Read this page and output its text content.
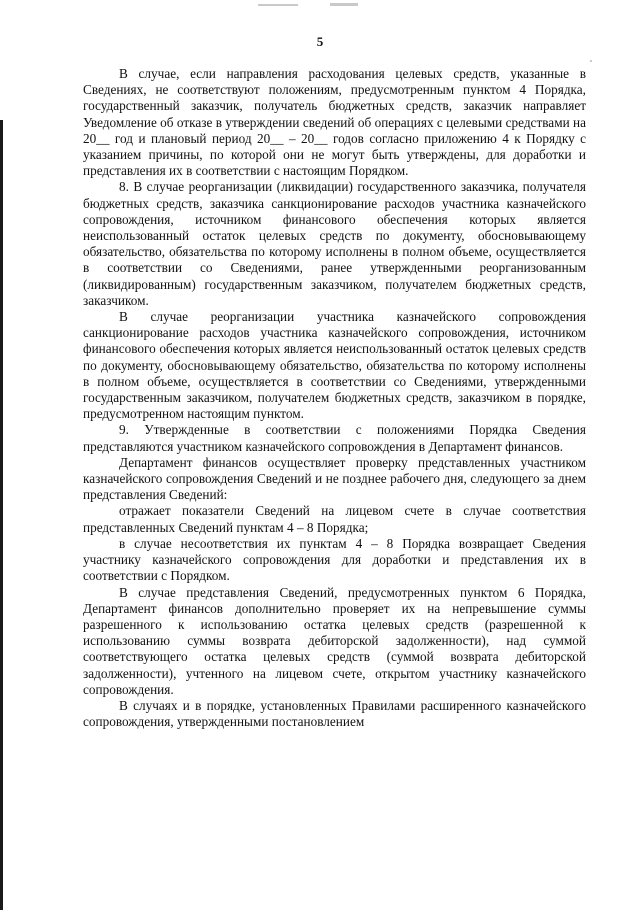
5

В случае, если направления расходования целевых средств, указанные в Сведениях, не соответствуют положениям, предусмотренным пунктом 4 Порядка, государственный заказчик, получатель бюджетных средств, заказчик направляет Уведомление об отказе в утверждении сведений об операциях с целевыми средствами на 20__ год и плановый период 20__ – 20__ годов согласно приложению 4 к Порядку с указанием причины, по которой они не могут быть утверждены, для доработки и представления их в соответствии с настоящим Порядком.

8. В случае реорганизации (ликвидации) государственного заказчика, получателя бюджетных средств, заказчика санкционирование расходов участника казначейского сопровождения, источником финансового обеспечения которых является неиспользованный остаток целевых средств по документу, обосновывающему обязательство, обязательства по которому исполнены в полном объеме, осуществляется в соответствии со Сведениями, ранее утвержденными реорганизованным (ликвидированным) государственным заказчиком, получателем бюджетных средств, заказчиком.

В случае реорганизации участника казначейского сопровождения санкционирование расходов участника казначейского сопровождения, источником финансового обеспечения которых является неиспользованный остаток целевых средств по документу, обосновывающему обязательство, обязательства по которому исполнены в полном объеме, осуществляется в соответствии со Сведениями, утвержденными государственным заказчиком, получателем бюджетных средств, заказчиком в порядке, предусмотренном настоящим пунктом.

9. Утвержденные в соответствии с положениями Порядка Сведения представляются участником казначейского сопровождения в Департамент финансов.

Департамент финансов осуществляет проверку представленных участником казначейского сопровождения Сведений и не позднее рабочего дня, следующего за днем представления Сведений:

отражает показатели Сведений на лицевом счете в случае соответствия представленных Сведений пунктам 4 – 8 Порядка;

в случае несоответствия их пунктам 4 – 8 Порядка возвращает Сведения участнику казначейского сопровождения для доработки и представления их в соответствии с Порядком.

В случае представления Сведений, предусмотренных пунктом 6 Порядка, Департамент финансов дополнительно проверяет их на непревышение суммы разрешенного к использованию остатка целевых средств (разрешенной к использованию суммы возврата дебиторской задолженности), над суммой соответствующего остатка целевых средств (суммой возврата дебиторской задолженности), учтенного на лицевом счете, открытом участнику казначейского сопровождения.

В случаях и в порядке, установленных Правилами расширенного казначейского сопровождения, утвержденными постановлением
